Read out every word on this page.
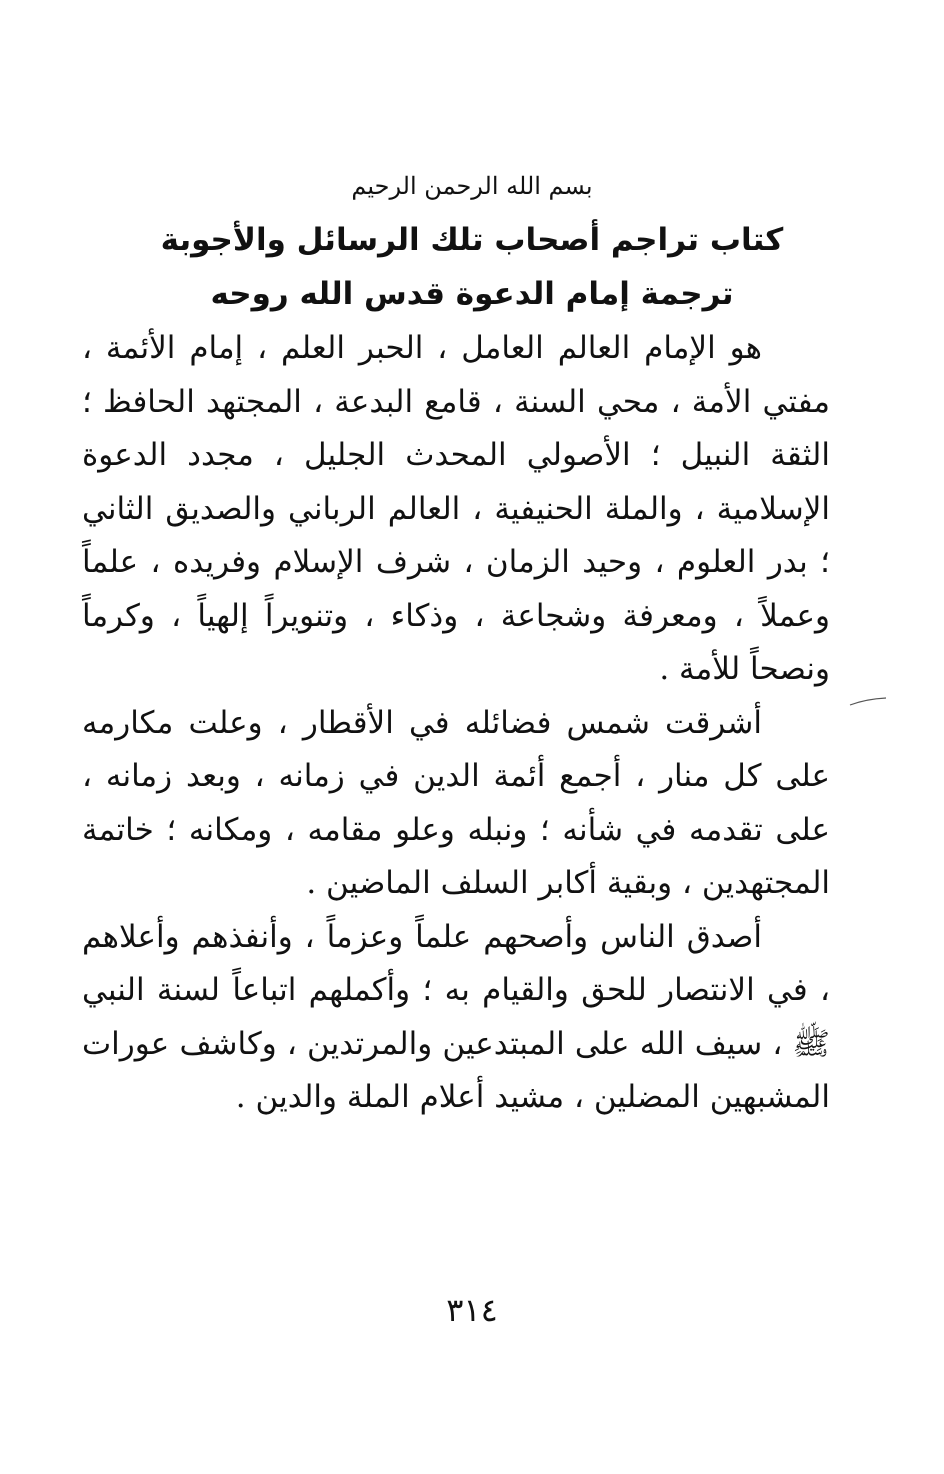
بسم الله الرحمن الرحيم
كتاب تراجم أصحاب تلك الرسائل والأجوبة
ترجمة إمام الدعوة قدس الله روحه

هو الإمام العالم العامل ، الحبر العلم ، إمام الأئمة ، مفتي الأمة ، محي السنة ، قامع البدعة ، المجتهد الحافظ ؛ الثقة النبيل ؛ الأصولي المحدث الجليل ، مجدد الدعوة الإسلامية ، والملة الحنيفية ، العالم الرباني والصديق الثاني ؛ بدر العلوم ، وحيد الزمان ، شرف الإسلام وفريده ، علماً وعملاً ، ومعرفة وشجاعة ، وذكاء ، وتنويراً إلهياً ، وكرماً ونصحاً للأمة .

أشرقت شمس فضائله في الأقطار ، وعلت مكارمه على كل منار ، أجمع أئمة الدين في زمانه ، وبعد زمانه ، على تقدمه في شأنه ؛ ونبله وعلو مقامه ، ومكانه ؛ خاتمة المجتهدين ، وبقية أكابر السلف الماضين .

أصدق الناس وأصحهم علماً وعزماً ، وأنفذهم وأعلاهم ، في الانتصار للحق والقيام به ؛ وأكملهم اتباعاً لسنة النبي ﷺ ، سيف الله على المبتدعين والمرتدين ، وكاشف عورات المشبهين المضلين ، مشيد أعلام الملة والدين .

٣١٤
